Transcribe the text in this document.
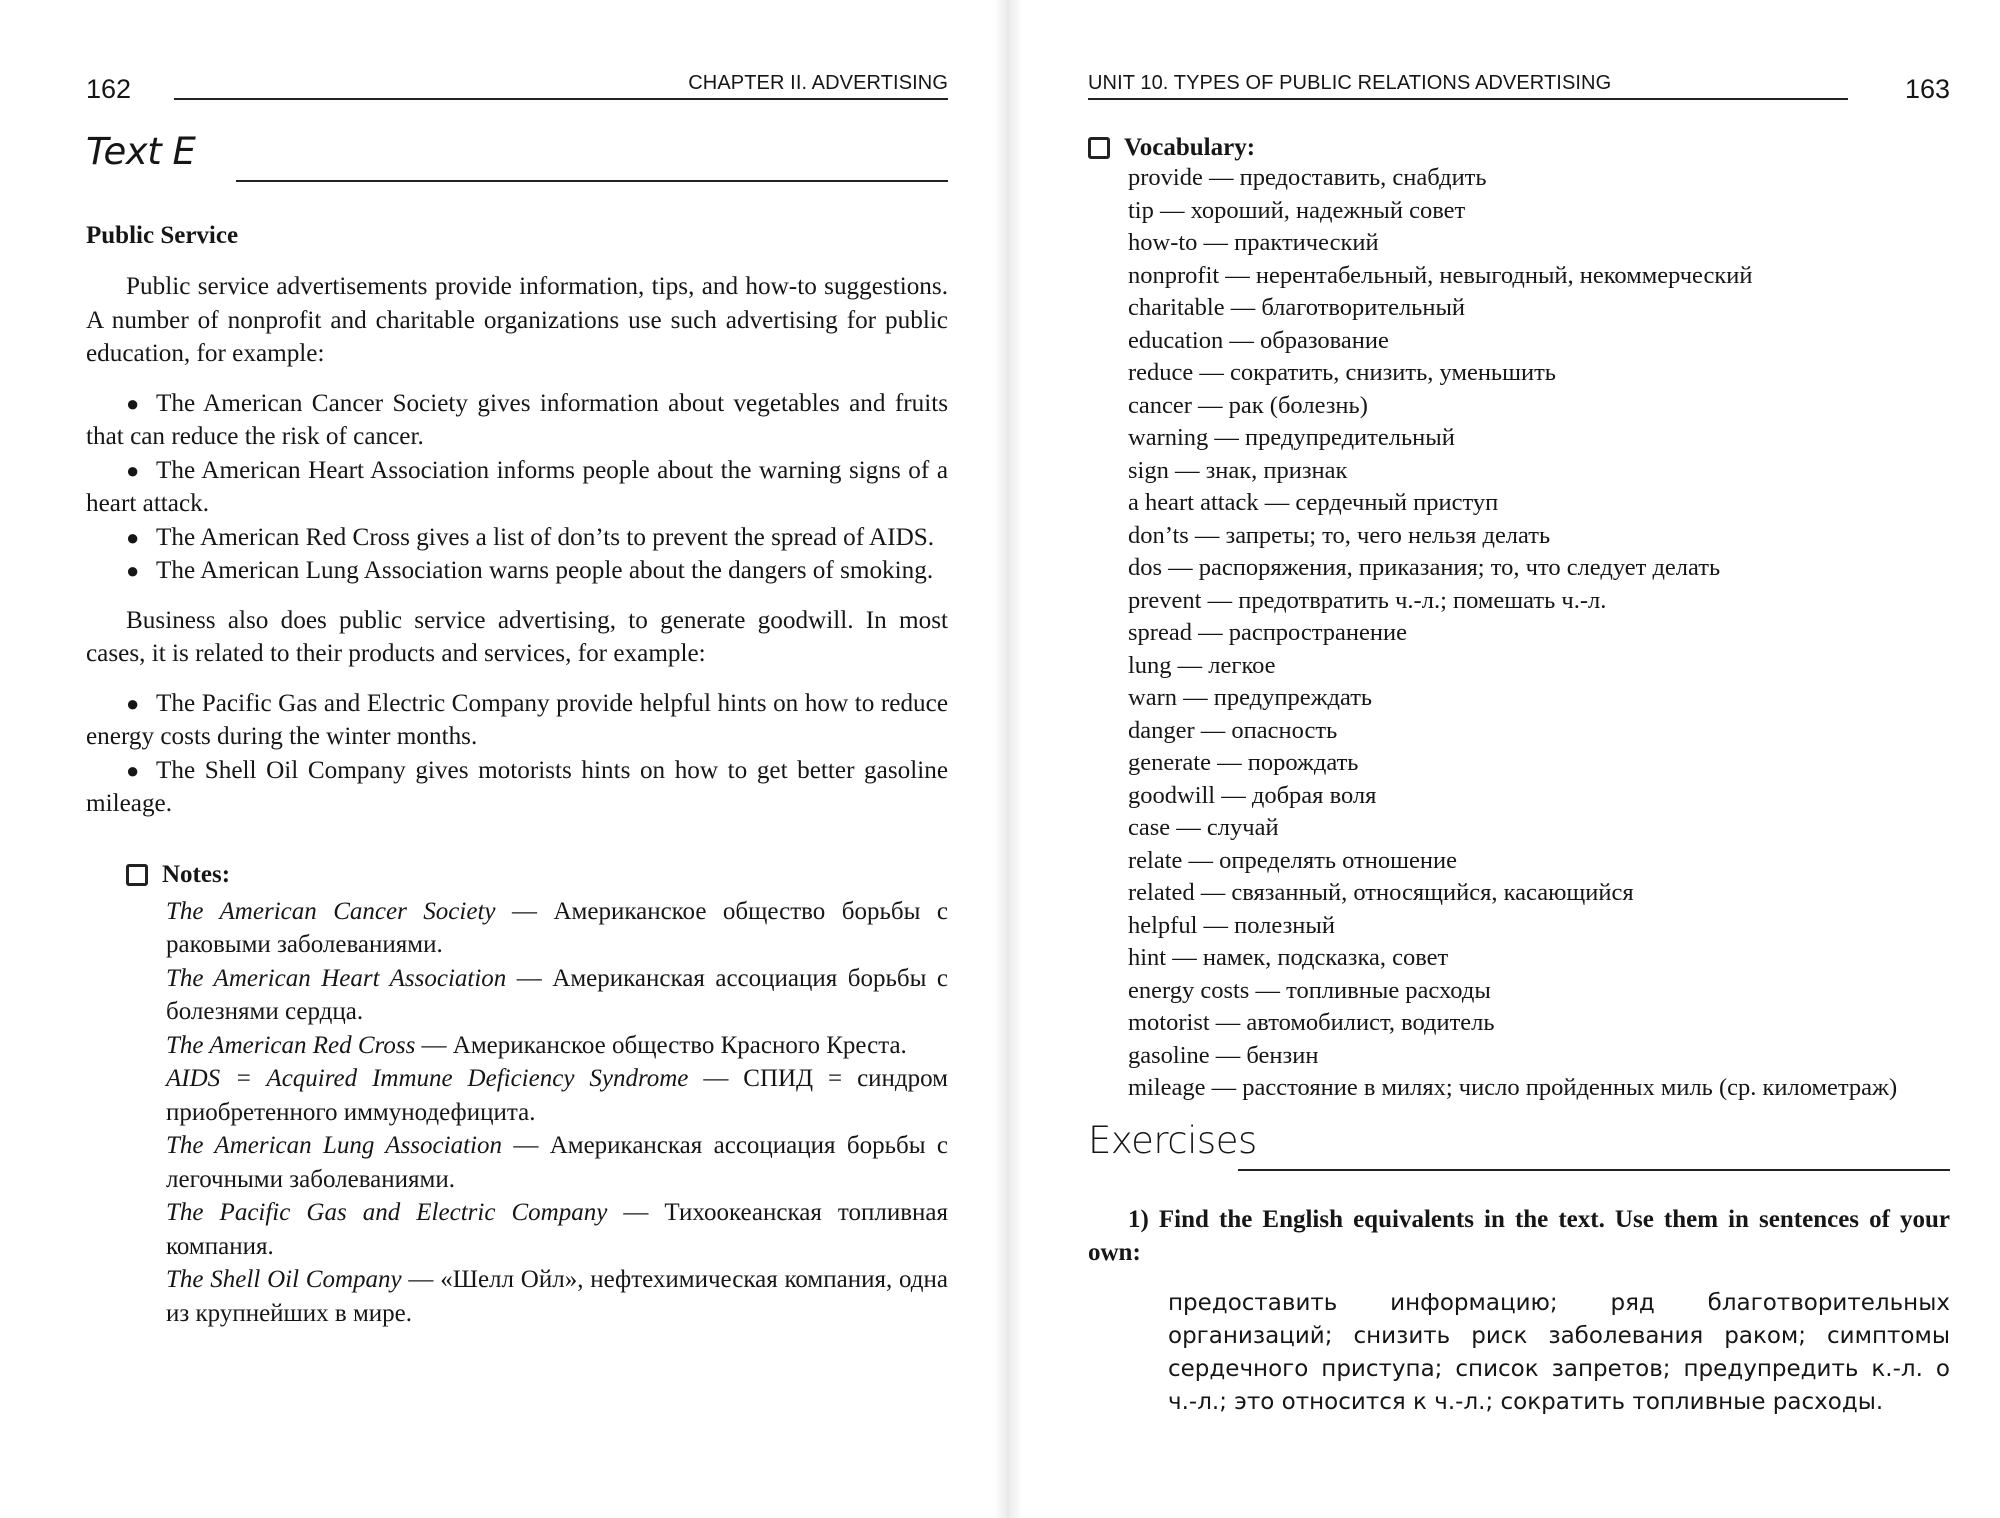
162	CHAPTER II. ADVERTISING
Text E
Public Service

Public service advertisements provide information, tips, and how-to suggestions. A number of nonprofit and charitable organizations use such advertising for public education, for example:

● The American Cancer Society gives information about vegetables and fruits that can reduce the risk of cancer.
● The American Heart Association informs people about the warning signs of a heart attack.
● The American Red Cross gives a list of don’ts to prevent the spread of AIDS.
● The American Lung Association warns people about the dangers of smoking.

Business also does public service advertising, to generate goodwill. In most cases, it is related to their products and services, for example:

● The Pacific Gas and Electric Company provide helpful hints on how to reduce energy costs during the winter months.
● The Shell Oil Company gives motorists hints on how to get better gasoline mileage.
Notes:
The American Cancer Society — Американское общество борьбы с раковыми заболеваниями.
The American Heart Association — Американская ассоциация борьбы с болезнями сердца.
The American Red Cross — Американское общество Красного Креста.
AIDS = Acquired Immune Deficiency Syndrome — СПИД = синдром приобретенного иммунодефицита.
The American Lung Association — Американская ассоциация борьбы с легочными заболеваниями.
The Pacific Gas and Electric Company — Тихоокеанская топливная компания.
The Shell Oil Company — «Шелл Ойл», нефтехимическая компания, одна из крупнейших в мире.
UNIT 10. TYPES OF PUBLIC RELATIONS ADVERTISING	163
Vocabulary:
provide — предоставить, снабдить
tip — хороший, надежный совет
how-to — практический
nonprofit — нерентабельный, невыгодный, некоммерческий
charitable — благотворительный
education — образование
reduce — сократить, снизить, уменьшить
cancer — рак (болезнь)
warning — предупредительный
sign — знак, признак
a heart attack — сердечный приступ
don’ts — запреты; то, чего нельзя делать
dos — распоряжения, приказания; то, что следует делать
prevent — предотвратить ч.-л.; помешать ч.-л.
spread — распространение
lung — легкое
warn — предупреждать
danger — опасность
generate — порождать
goodwill — добрая воля
case — случай
relate — определять отношение
related — связанный, относящийся, касающийся
helpful — полезный
hint — намек, подсказка, совет
energy costs — топливные расходы
motorist — автомобилист, водитель
gasoline — бензин
mileage — расстояние в милях; число пройденных миль (ср. километраж)
Exercises
1) Find the English equivalents in the text. Use them in sentences of your own:
предоставить информацию; ряд благотворительных организаций; снизить риск заболевания раком; симптомы сердечного приступа; список запретов; предупредить к.-л. о ч.-л.; это относится к ч.-л.; сократить топливные расходы.
